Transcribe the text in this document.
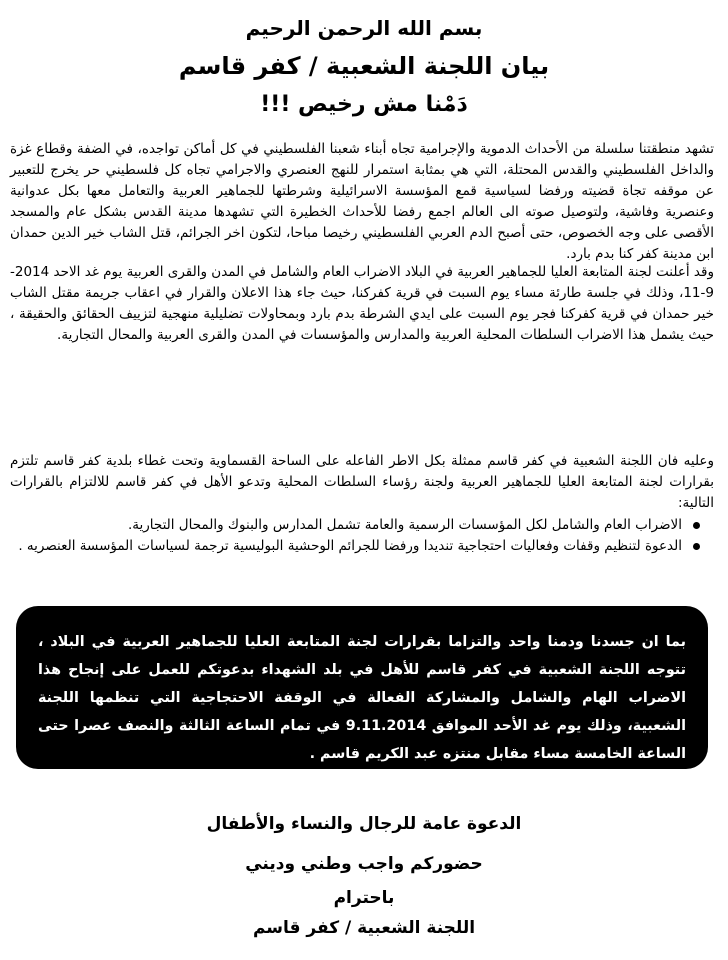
بسم الله الرحمن الرحيم
بيان اللجنة الشعبية / كفر قاسم
دَمْنا مش رخيص !!!

تشهد منطقتنا سلسلة من الأحداث الدموية والإجرامية تجاه أبناء شعبنا الفلسطيني في كل أماكن تواجده، في الضفة وقطاع غزة والداخل الفلسطيني والقدس المحتلة، التي هي بمثابة استمرار للنهج العنصري والاجرامي تجاه كل فلسطيني حر يخرج للتعبير عن موقفه تجاة قضيته ورفضا لسياسية قمع المؤسسة الاسرائيلية وشرطتها للجماهير العربية والتعامل معها بكل عدوانية وعنصرية وفاشية، ولتوصيل صوته الى العالم اجمع رفضا للأحداث الخطيرة التي تشهدها مدينة القدس بشكل عام والمسجد الأقصى على وجه الخصوص، حتى أصبح الدم العربي الفلسطيني رخيصا مباحا، لتكون اخر الجرائم، قتل الشاب خير الدين حمدان ابن مدينة كفر كنا بدم بارد.

وقد أعلنت لجنة المتابعة العليا للجماهير العربية في البلاد الاضراب العام والشامل في المدن والقرى العربية يوم غد الاحد 2014-9-11، وذلك في جلسة طارئة مساء يوم السبت في قرية كفركنا، حيث جاء هذا الاعلان والقرار في اعقاب جريمة مقتل الشاب خير حمدان في قرية كفركنا فجر يوم السبت على ايدي الشرطة بدم بارد وبمحاولات تضليلية منهجية لتزييف الحقائق والحقيقة ، حيث يشمل هذا الاضراب السلطات المحلية العربية والمدارس والمؤسسات في المدن والقرى العربية والمحال التجارية.

وعليه فان اللجنة الشعبية في كفر قاسم ممثلة بكل الاطر الفاعله على الساحة القسماوية وتحت غطاء بلدية كفر قاسم تلتزم بقرارات لجنة المتابعة العليا للجماهير العربية ولجنة رؤساء السلطات المحلية وتدعو الأهل في كفر قاسم للالتزام بالقرارات التالية:

الاضراب العام والشامل لكل المؤسسات الرسمية والعامة تشمل المدارس والبنوك والمحال التجارية.
الدعوة لتنظيم وقفات وفعاليات احتجاجية تنديدا ورفضا للجرائم الوحشية البوليسية ترجمة لسياسات المؤسسة العنصريه .
بما ان جسدنا ودمنا واحد والتزاما بقرارات لجنة المتابعة العليا للجماهير العربية في البلاد ، تتوجه اللجنة الشعبية في كفر قاسم للأهل في بلد الشهداء بدعوتكم للعمل على إنجاح هذا الاضراب الهام والشامل والمشاركة الفعالة في الوقفة الاحتجاجية التي تنظمها اللجنة الشعبية، وذلك يوم غد الأحد الموافق 9.11.2014 في تمام الساعة الثالثة والنصف عصرا حتى الساعة الخامسة مساء مقابل منتزه عبد الكريم قاسم .
الدعوة عامة للرجال والنساء والأطفال
حضوركم واجب وطني وديني
باحترام
اللجنة الشعبية / كفر قاسم
